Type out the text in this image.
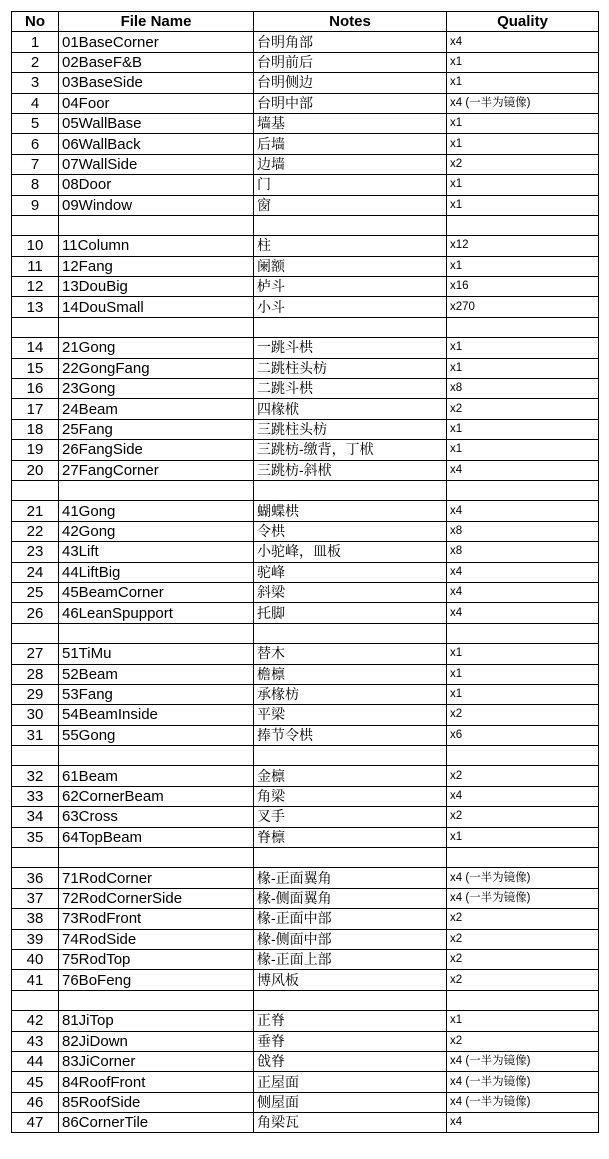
No	File Name	Notes	Quality
1	01BaseCorner	台明角部	x4
2	02BaseF&B	台明前后	x1
3	03BaseSide	台明侧边	x1
4	04Foor	台明中部	x4 (一半为镜像)
5	05WallBase	墙基	x1
6	06WallBack	后墙	x1
7	07WallSide	边墙	x2
8	08Door	门	x1
9	09Window	窗	x1

10	11Column	柱	x12
11	12Fang	阑额	x1
12	13DouBig	栌斗	x16
13	14DouSmall	小斗	x270

14	21Gong	一跳斗栱	x1
15	22GongFang	二跳柱头枋	x1
16	23Gong	二跳斗栱	x8
17	24Beam	四椽栿	x2
18	25Fang	三跳柱头枋	x1
19	26FangSide	三跳枋-缴背，丁栿	x1
20	27FangCorner	三跳枋-斜栿	x4

21	41Gong	蝴蝶栱	x4
22	42Gong	令栱	x8
23	43Lift	小驼峰，皿板	x8
24	44LiftBig	驼峰	x4
25	45BeamCorner	斜梁	x4
26	46LeanSpupport	托脚	x4

27	51TiMu	替木	x1
28	52Beam	檐檩	x1
29	53Fang	承椽枋	x1
30	54BeamInside	平梁	x2
31	55Gong	捧节令栱	x6

32	61Beam	金檩	x2
33	62CornerBeam	角梁	x4
34	63Cross	叉手	x2
35	64TopBeam	脊檩	x1

36	71RodCorner	椽-正面翼角	x4 (一半为镜像)
37	72RodCornerSide	椽-侧面翼角	x4 (一半为镜像)
38	73RodFront	椽-正面中部	x2
39	74RodSide	椽-侧面中部	x2
40	75RodTop	椽-正面上部	x2
41	76BoFeng	博风板	x2

42	81JiTop	正脊	x1
43	82JiDown	垂脊	x2
44	83JiCorner	戗脊	x4 (一半为镜像)
45	84RoofFront	正屋面	x4 (一半为镜像)
46	85RoofSide	侧屋面	x4 (一半为镜像)
47	86CornerTile	角梁瓦	x4
